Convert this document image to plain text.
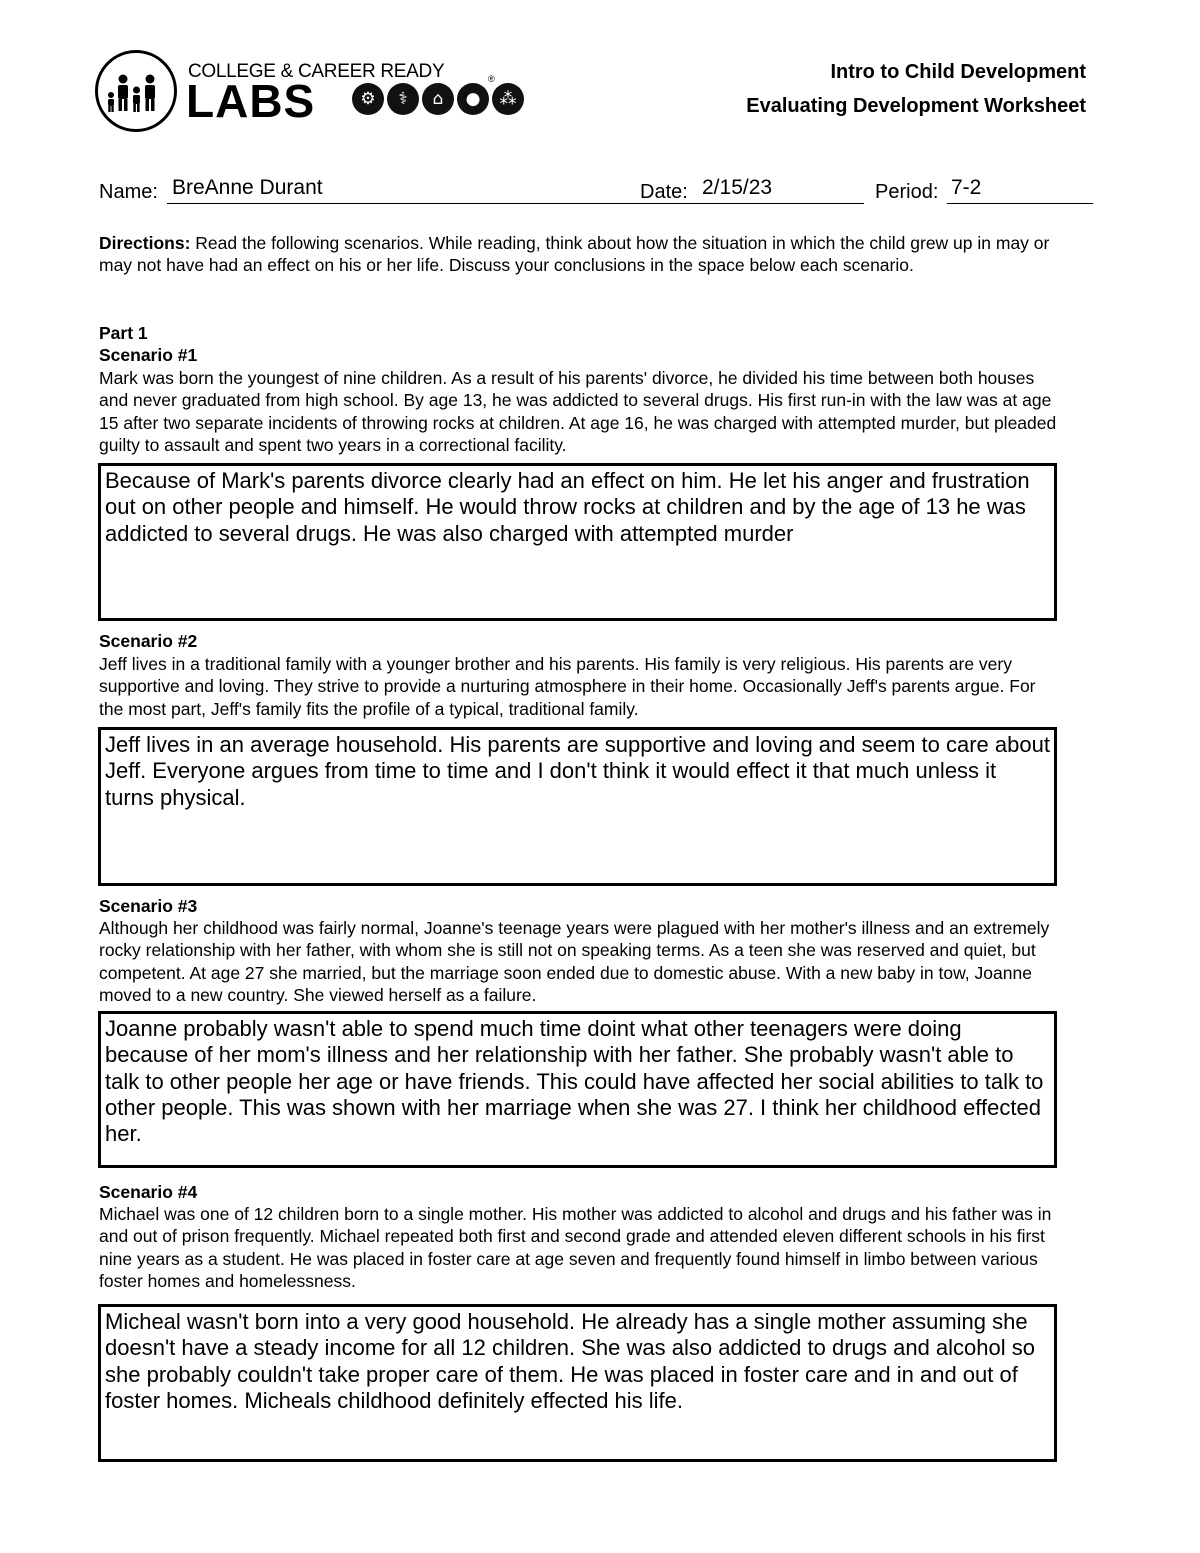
COLLEGE & CAREER READY
LABS	⚙	⚕	⌂	●	⁂
®	Intro to Child Development
Evaluating Development Worksheet
Name: BreAnne Durant	Date: 2/15/23	Period: 7-2
Directions: Read the following scenarios. While reading, think about how the situation in which the child grew up in may or may not have had an effect on his or her life. Discuss your conclusions in the space below each scenario.
Part 1
Scenario #1
Mark was born the youngest of nine children. As a result of his parents' divorce, he divided his time between both houses and never graduated from high school. By age 13, he was addicted to several drugs. His first run-in with the law was at age 15 after two separate incidents of throwing rocks at children. At age 16, he was charged with attempted murder, but pleaded guilty to assault and spent two years in a correctional facility.
Because of Mark's parents divorce clearly had an effect on him. He let his anger and frustration out on other people and himself. He would throw rocks at children and by the age of 13 he was addicted to several drugs. He was also charged with attempted murder
Scenario #2
Jeff lives in a traditional family with a younger brother and his parents. His family is very religious. His parents are very supportive and loving. They strive to provide a nurturing atmosphere in their home. Occasionally Jeff's parents argue. For the most part, Jeff's family fits the profile of a typical, traditional family.
Jeff lives in an average household. His parents are supportive and loving and seem to care about Jeff. Everyone argues from time to time and I don't think it would effect it that much unless it turns physical.
Scenario #3
Although her childhood was fairly normal, Joanne's teenage years were plagued with her mother's illness and an extremely rocky relationship with her father, with whom she is still not on speaking terms. As a teen she was reserved and quiet, but competent. At age 27 she married, but the marriage soon ended due to domestic abuse. With a new baby in tow, Joanne moved to a new country. She viewed herself as a failure.
Joanne probably wasn't able to spend much time doint what other teenagers were doing because of her mom's illness and her relationship with her father. She probably wasn't able to talk to other people her age or have friends. This could have affected her social abilities to talk to other people. This was shown with her marriage when she was 27. I think her childhood effected her.
Scenario #4
Michael was one of 12 children born to a single mother. His mother was addicted to alcohol and drugs and his father was in and out of prison frequently. Michael repeated both first and second grade and attended eleven different schools in his first nine years as a student. He was placed in foster care at age seven and frequently found himself in limbo between various foster homes and homelessness.
Micheal wasn't born into a very good household. He already has a single mother assuming she doesn't have a steady income for all 12 children. She was also addicted to drugs and alcohol so she probably couldn't take proper care of them. He was placed in foster care and in and out of foster homes. Micheals childhood definitely effected his life.
